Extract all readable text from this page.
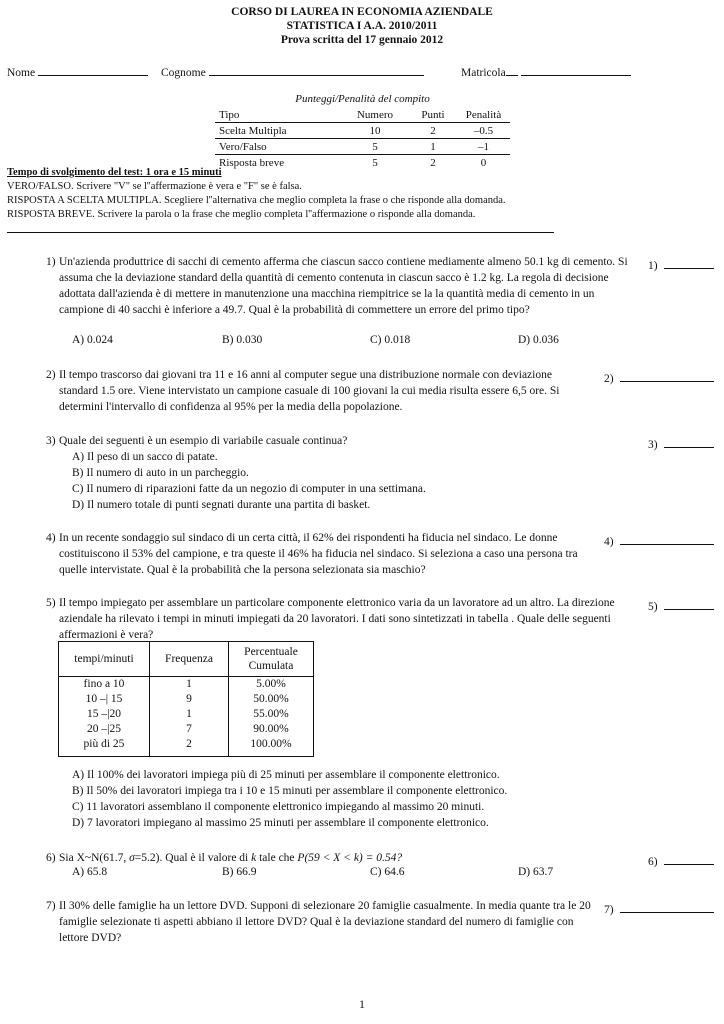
CORSO DI LAUREA IN ECONOMIA AZIENDALE
STATISTICA I A.A. 2010/2011
Prova scritta del 17 gennaio 2012
Nome	Cognome	Matricola
Punteggi/Penalità del compito
Tipo	Numero	Punti	Penalità
Scelta Multipla	10	2	–0.5
Vero/Falso	5	1	–1
Risposta breve	5	2	0
Tempo di svolgimento del test: 1 ora e 15 minuti
VERO/FALSO. Scrivere "V" se l''affermazione è vera e "F" se è falsa.
RISPOSTA A SCELTA MULTIPLA. Scegliere l''alternativa che meglio completa la frase o che risponde alla domanda.
RISPOSTA BREVE. Scrivere la parola o la frase che meglio completa l''affermazione o risponde alla domanda.
1) Un'azienda produttrice di sacchi di cemento afferma che ciascun sacco contiene mediamente almeno 50.1 kg di cemento. Si assuma che la deviazione standard della quantità di cemento contenuta in ciascun sacco è 1.2 kg. La regola di decisione adottata dall'azienda è di mettere in manutenzione una macchina riempitrice se la la quantità media di cemento in un campione di 40 sacchi è inferiore a 49.7. Qual è la probabilità di commettere un errore del primo tipo?
A) 0.024	B) 0.030	C) 0.018	D) 0.036
1)
2) Il tempo trascorso dai giovani tra 11 e 16 anni al computer segue una distribuzione normale con deviazione standard 1.5 ore. Viene intervistato un campione casuale di 100 giovani la cui media risulta essere 6,5 ore. Si determini l'intervallo di confidenza al 95% per la media della popolazione.
2)
3) Quale dei seguenti è un esempio di variabile casuale continua?
A) Il peso di un sacco di patate.
B) Il numero di auto in un parcheggio.
C) Il numero di riparazioni fatte da un negozio di computer in una settimana.
D) Il numero totale di punti segnati durante una partita di basket.
3)
4) In un recente sondaggio sul sindaco di un certa città, il 62% dei rispondenti ha fiducia nel sindaco. Le donne costituiscono il 53% del campione, e tra queste il 46% ha fiducia nel sindaco. Si seleziona a caso una persona tra quelle intervistate. Qual è la probabilità che la persona selezionata sia maschio?
4)
5) Il tempo impiegato per assemblare un particolare componente elettronico varia da un lavoratore ad un altro. La direzione aziendale ha rilevato i tempi in minuti impiegati da 20 lavoratori. I dati sono sintetizzati in tabella . Quale delle seguenti affermazioni è vera?
5)
tempi/minuti	Frequenza	Percentuale Cumulata
fino a 10	1	5.00%
10 –| 15	9	50.00%
15 –|20	1	55.00%
20 –|25	7	90.00%
più di 25	2	100.00%
A) Il 100% dei lavoratori impiega più di 25 minuti per assemblare il componente elettronico.
B) Il 50% dei lavoratori impiega tra i 10 e 15 minuti per assemblare il componente elettronico.
C) 11 lavoratori assemblano il componente elettronico impiegando al massimo 20 minuti.
D) 7 lavoratori impiegano al massimo 25 minuti per assemblare il componente elettronico.
6) Sia X~N(61.7, σ=5.2). Qual è il valore di k tale che P(59 < X < k) = 0.54?
A) 65.8	B) 66.9	C) 64.6	D) 63.7
6)
7) Il 30% delle famiglie ha un lettore DVD. Supponi di selezionare 20 famiglie casualmente. In media quante tra le 20 famiglie selezionate ti aspetti abbiano il lettore DVD? Qual è la deviazione standard del numero di famiglie con lettore DVD?
7)
1
